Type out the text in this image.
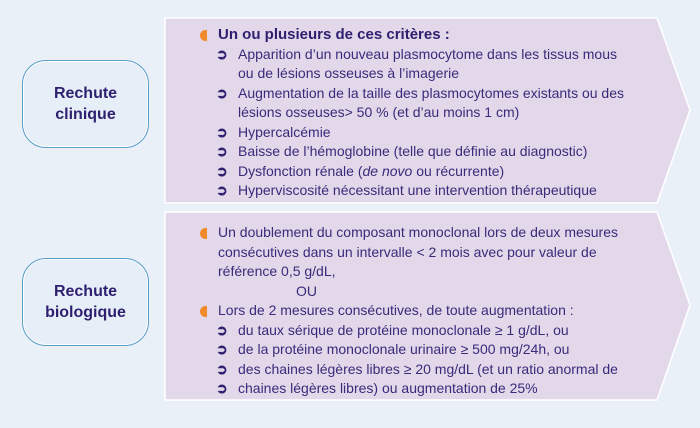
Rechute
clinique
Rechute
biologique
Un ou plusieurs de ces critères :
➲ Apparition d’un nouveau plasmocytome dans les tissus mous
ou de lésions osseuses à l’imagerie
➲ Augmentation de la taille des plasmocytomes existants ou des
lésions osseuses> 50 % (et d’au moins 1 cm)
➲ Hypercalcémie
➲ Baisse de l’hémoglobine (telle que définie au diagnostic)
➲ Dysfonction rénale (de novo ou récurrente)
➲ Hyperviscosité nécessitant une intervention thérapeutique
Un doublement du composant monoclonal lors de deux mesures
consécutives dans un intervalle < 2 mois avec pour valeur de
référence 0,5 g/dL,
OU
Lors de 2 mesures consécutives, de toute augmentation :
➲ du taux sérique de protéine monoclonale ≥ 1 g/dL, ou
➲ de la protéine monoclonale urinaire ≥ 500 mg/24h, ou
➲ des chaines légères libres ≥ 20 mg/dL (et un ratio anormal de
➲ chaines légères libres) ou augmentation de 25%
